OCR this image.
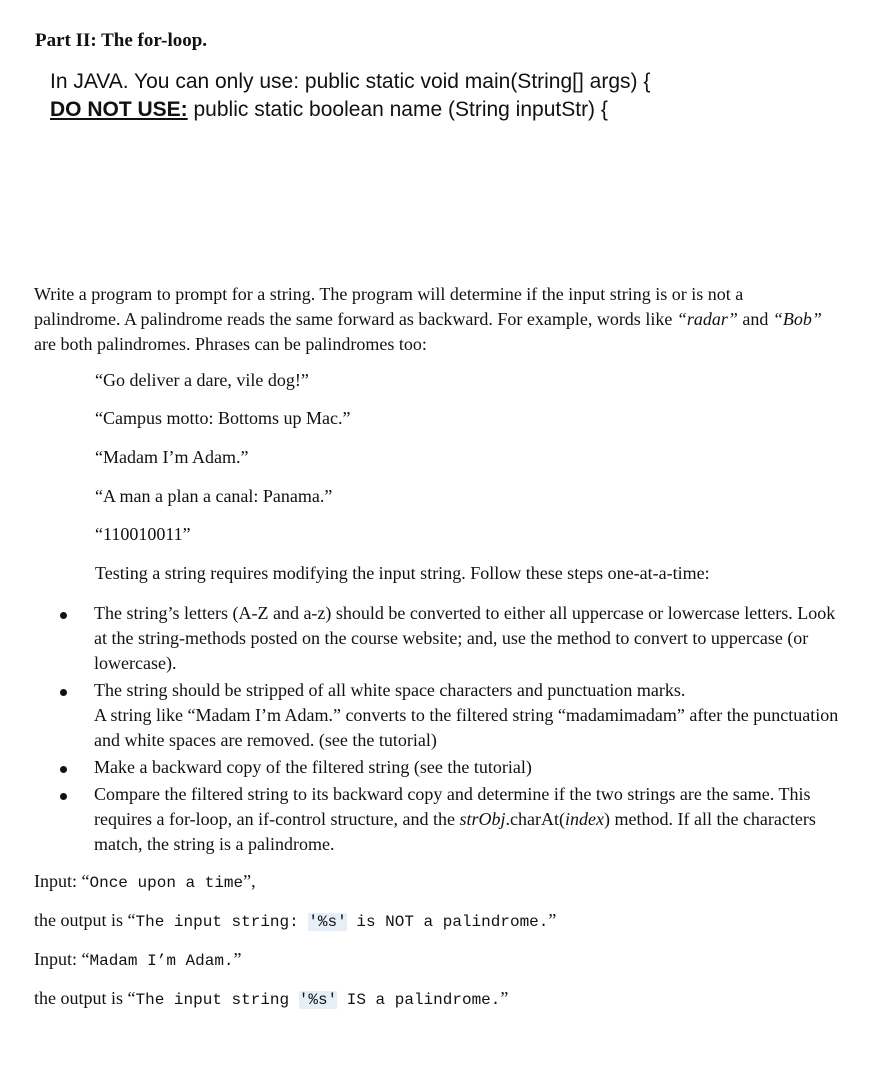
Part II: The for-loop.
In JAVA. You can only use: public static void main(String[] args) {
DO NOT USE: public static boolean name (String inputStr) {
Write a program to prompt for a string. The program will determine if the input string is or is not a palindrome. A palindrome reads the same forward as backward. For example, words like “radar” and “Bob” are both palindromes. Phrases can be palindromes too:
“Go deliver a dare, vile dog!”
“Campus motto: Bottoms up Mac.”
“Madam I’m Adam.”
“A man a plan a canal: Panama.”
“110010011”
Testing a string requires modifying the input string. Follow these steps one-at-a-time:
The string’s letters (A-Z and a-z) should be converted to either all uppercase or lowercase letters. Look at the string-methods posted on the course website; and, use the method to convert to uppercase (or lowercase).
The string should be stripped of all white space characters and punctuation marks.
A string like “Madam I’m Adam.” converts to the filtered string “madamimadam” after the punctuation and white spaces are removed. (see the tutorial)
Make a backward copy of the filtered string (see the tutorial)
Compare the filtered string to its backward copy and determine if the two strings are the same. This requires a for-loop, an if-control structure, and the strObj.charAt(index) method. If all the characters match, the string is a palindrome.
Input: “Once upon a time”,
the output is “The input string: '%s' is NOT a palindrome.”
Input: “Madam I’m Adam.”
the output is “The input string '%s' IS a palindrome.”
